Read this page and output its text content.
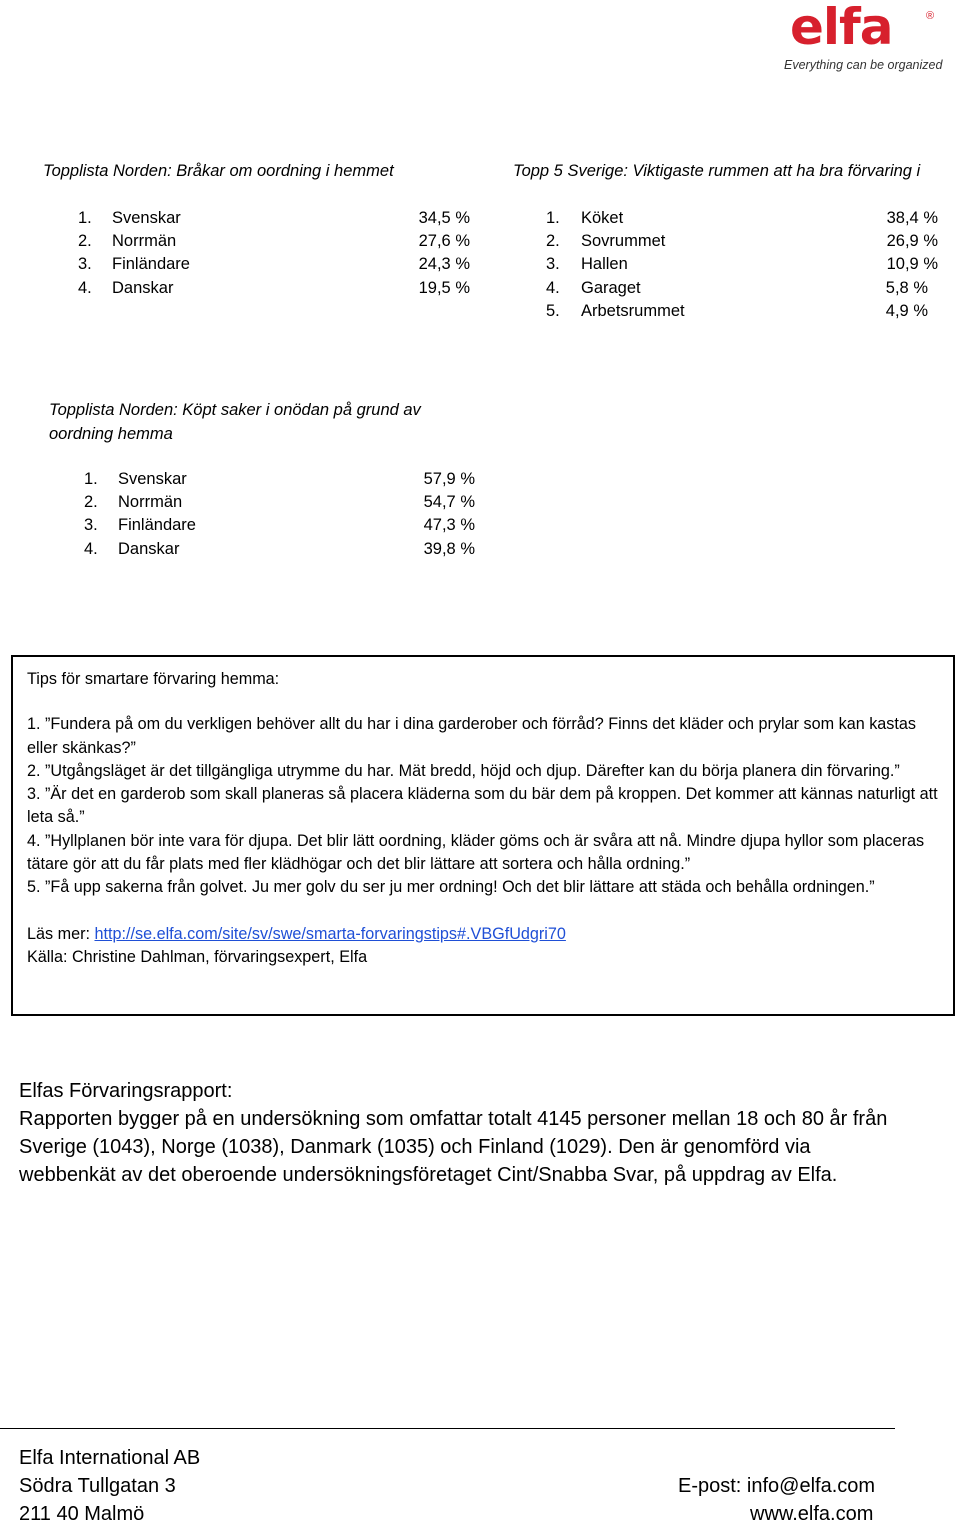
elfa	®
Everything can be organized
Topplista Norden: Bråkar om oordning i hemmet
1. Svenskar	34,5 %
2. Norrmän	27,6 %
3. Finländare	24,3 %
4. Danskar	19,5 %
Topp 5 Sverige: Viktigaste rummen att ha bra förvaring i
1. Köket	38,4 %
2. Sovrummet	26,9 %
3. Hallen	10,9 %
4. Garaget	5,8 %
5. Arbetsrummet	4,9 %
Topplista Norden: Köpt saker i onödan på grund av
oordning hemma
1. Svenskar	57,9 %
2. Norrmän	54,7 %
3. Finländare	47,3 %
4. Danskar	39,8 %

Tips för smartare förvaring hemma:

1. ”Fundera på om du verkligen behöver allt du har i dina garderober och förråd? Finns det kläder och prylar som kan kastas eller skänkas?”

2. ”Utgångsläget är det tillgängliga utrymme du har. Mät bredd, höjd och djup. Därefter kan du börja planera din förvaring.”

3. ”Är det en garderob som skall planeras så placera kläderna som du bär dem på kroppen. Det kommer att kännas naturligt att leta så.”

4. ”Hyllplanen bör inte vara för djupa. Det blir lätt oordning, kläder göms och är svåra att nå. Mindre djupa hyllor som placeras tätare gör att du får plats med fler klädhögar och det blir lättare att sortera och hålla ordning.”

5. ”Få upp sakerna från golvet. Ju mer golv du ser ju mer ordning! Och det blir lättare att städa och behålla ordningen.”

Läs mer: http://se.elfa.com/site/sv/swe/smarta-forvaringstips#.VBGfUdgri70

Källa: Christine Dahlman, förvaringsexpert, Elfa

Elfas Förvaringsrapport:

Rapporten bygger på en undersökning som omfattar totalt 4145 personer mellan 18 och 80 år från Sverige (1043), Norge (1038), Danmark (1035) och Finland (1029). Den är genomförd via webbenkät av det oberoende undersökningsföretaget Cint/Snabba Svar, på uppdrag av Elfa.

Elfa International AB
Södra Tullgatan 3
211 40 Malmö
E-post: info@elfa.com
www.elfa.com
